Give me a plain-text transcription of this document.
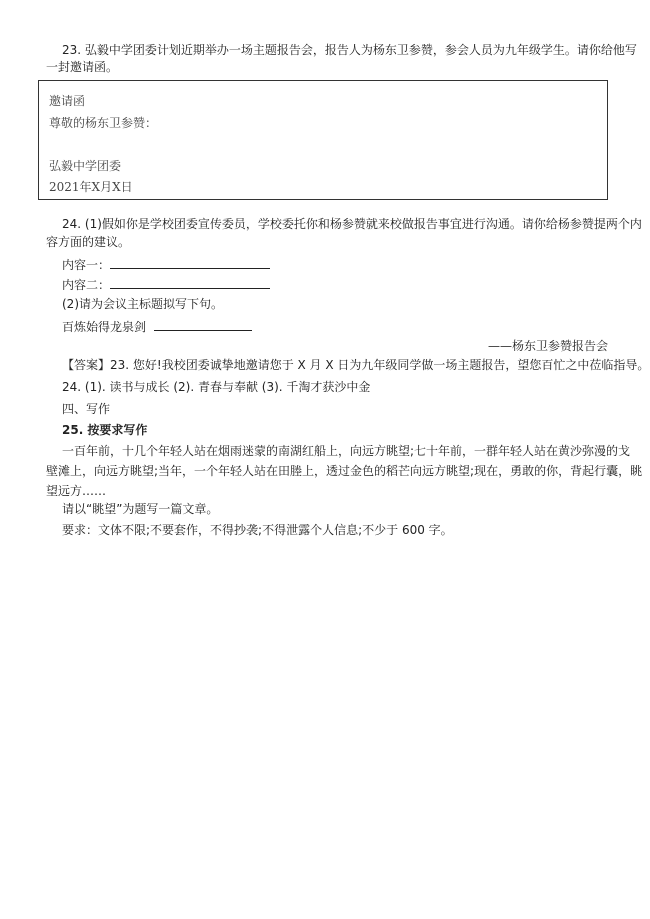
23. 弘毅中学团委计划近期举办一场主题报告会，报告人为杨东卫参赞，参会人员为九年级学生。请你给他写
一封邀请函。
邀请函
尊敬的杨东卫参赞：
弘毅中学团委
2021年X月X日
24. (1)假如你是学校团委宣传委员，学校委托你和杨参赞就来校做报告事宜进行沟通。请你给杨参赞提两个内
容方面的建议。
内容一：
内容二：
(2)请为会议主标题拟写下句。
百炼始得龙泉剑
——杨东卫参赞报告会
【答案】23. 您好!我校团委诚挚地邀请您于 X 月 X 日为九年级同学做一场主题报告，望您百忙之中莅临指导。
24. (1). 读书与成长 (2). 青春与奉献 (3). 千淘才获沙中金
四、写作
25. 按要求写作
一百年前，十几个年轻人站在烟雨迷蒙的南湖红船上，向远方眺望;七十年前，一群年轻人站在黄沙弥漫的戈
壁滩上，向远方眺望;当年，一个年轻人站在田塍上，透过金色的稻芒向远方眺望;现在，勇敢的你，背起行囊，眺
望远方……
请以“眺望”为题写一篇文章。
要求：文体不限;不要套作，不得抄袭;不得泄露个人信息;不少于 600 字。
